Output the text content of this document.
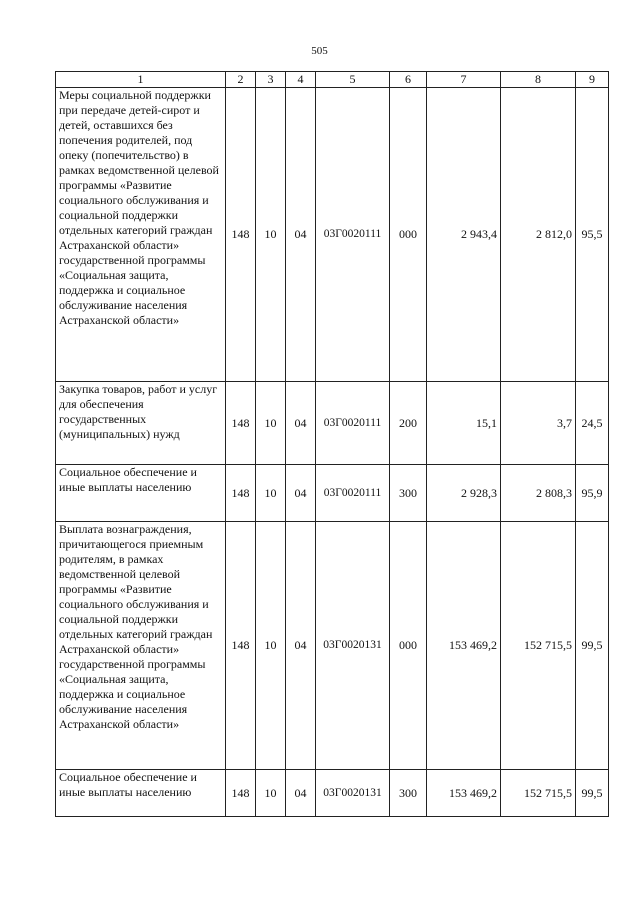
505
1	2	3	4	5	6	7	8	9
Меры социальной поддержки при передаче детей-сирот и детей, оставшихся без попечения родителей, под опеку (попечительство) в рамках ведомственной целевой программы «Развитие социального обслуживания и социальной поддержки отдельных категорий граждан Астраханской области» государственной программы «Социальная защита, поддержка и социальное обслуживание населения Астраханской области»	148	10	04	03Г0020111	000	2 943,4	2 812,0	95,5
Закупка товаров, работ и услуг для обеспечения государственных (муниципальных) нужд	148	10	04	03Г0020111	200	15,1	3,7	24,5
Социальное обеспечение и иные выплаты населению	148	10	04	03Г0020111	300	2 928,3	2 808,3	95,9
Выплата вознаграждения, причитающегося приемным родителям, в рамках ведомственной целевой программы «Развитие социального обслуживания и социальной поддержки отдельных категорий граждан Астраханской области» государственной программы «Социальная защита, поддержка и социальное обслуживание населения Астраханской области»	148	10	04	03Г0020131	000	153 469,2	152 715,5	99,5
Социальное обеспечение и иные выплаты населению	148	10	04	03Г0020131	300	153 469,2	152 715,5	99,5
